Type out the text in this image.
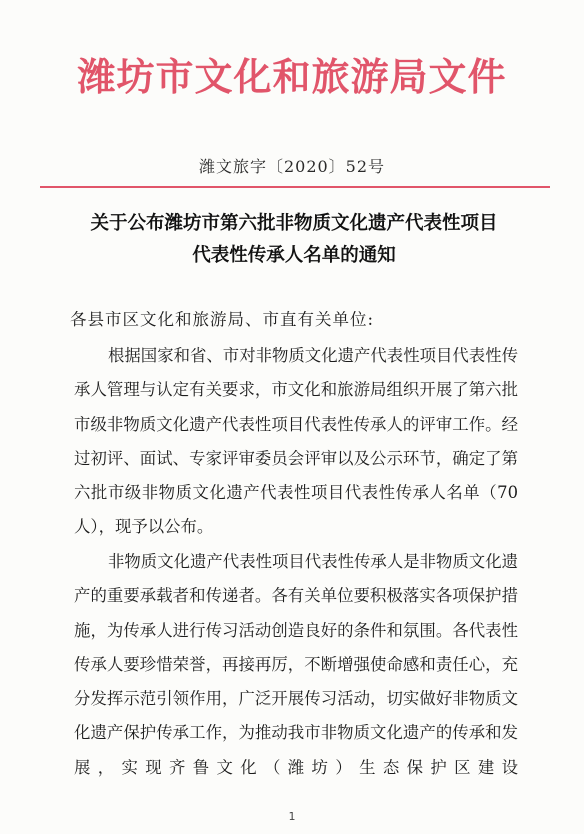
潍坊市文化和旅游局文件
潍文旅字〔2020〕52号
关于公布潍坊市第六批非物质文化遗产代表性项目
代表性传承人名单的通知
各县市区文化和旅游局、市直有关单位:

根据国家和省、市对非物质文化遗产代表性项目代表性传承人管理与认定有关要求，市文化和旅游局组织开展了第六批市级非物质文化遗产代表性项目代表性传承人的评审工作。经过初评、面试、专家评审委员会评审以及公示环节，确定了第六批市级非物质文化遗产代表性项目代表性传承人名单（70人），现予以公布。

非物质文化遗产代表性项目代表性传承人是非物质文化遗产的重要承载者和传递者。各有关单位要积极落实各项保护措施，为传承人进行传习活动创造良好的条件和氛围。各代表性传承人要珍惜荣誉，再接再厉，不断增强使命感和责任心，充分发挥示范引领作用，广泛开展传习活动，切实做好非物质文化遗产保护传承工作，为推动我市非物质文化遗产的传承和发展，实现齐鲁文化（潍坊）生态保护区建设

1
